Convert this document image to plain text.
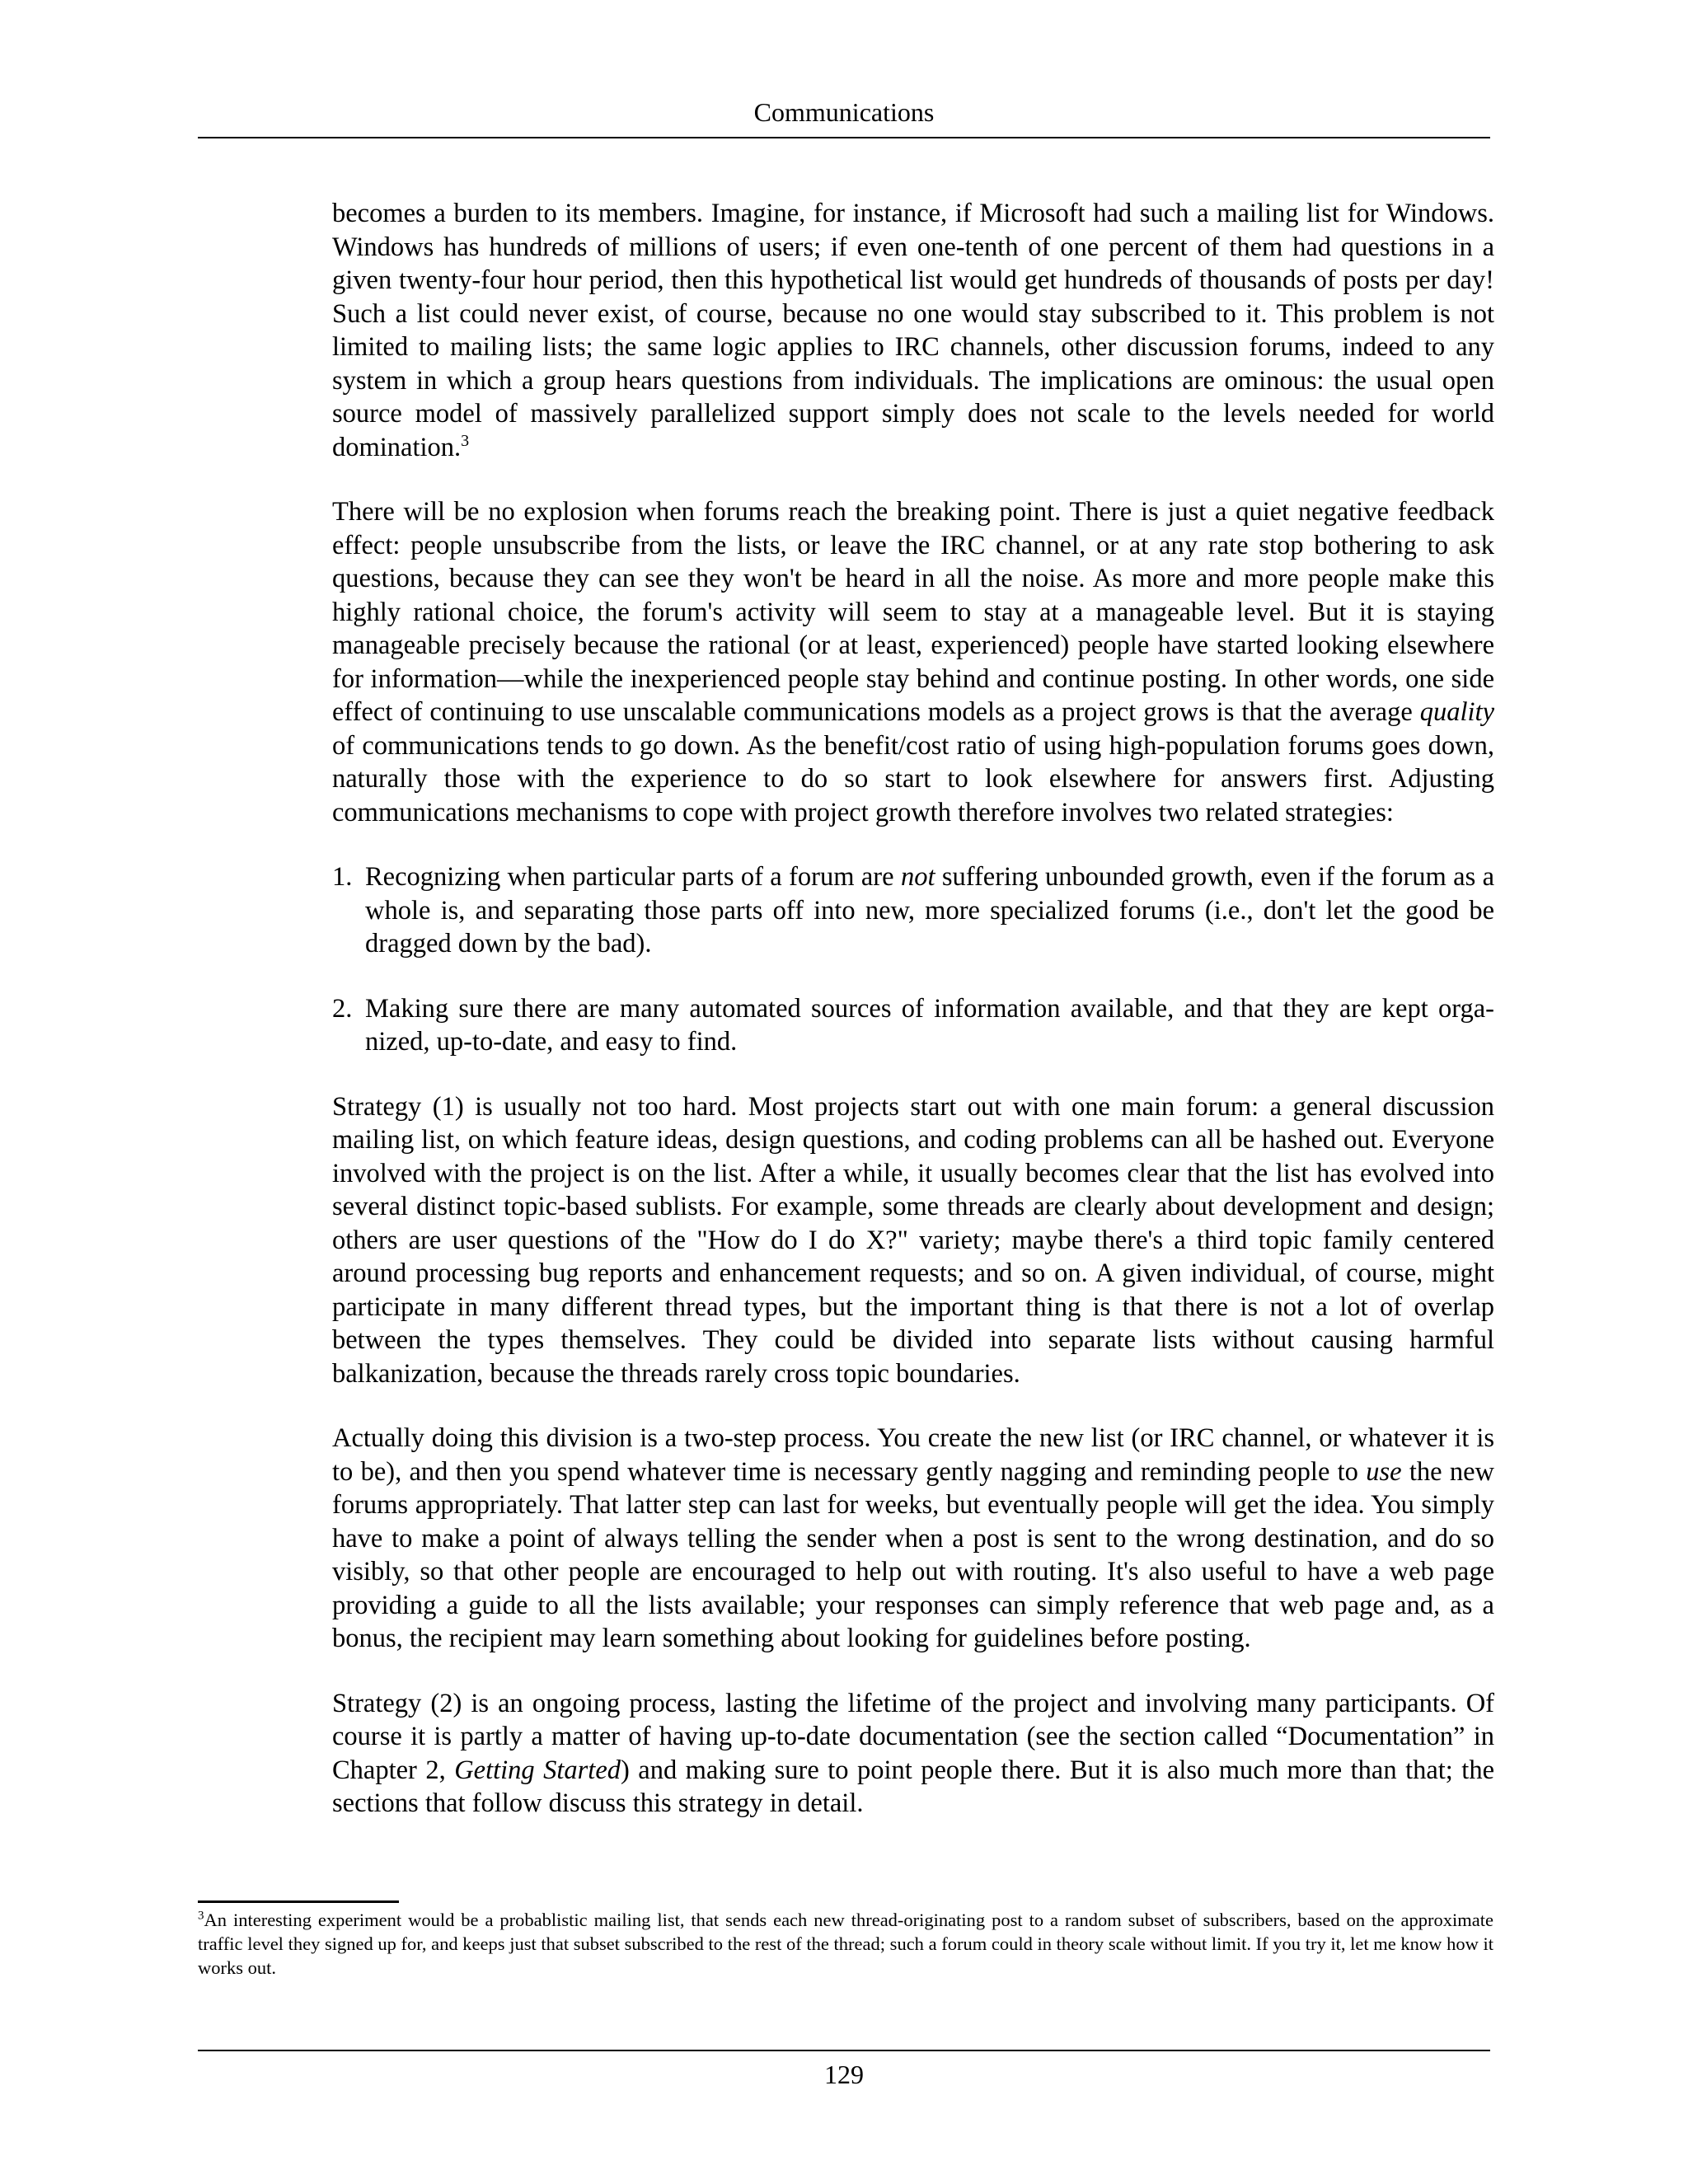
Communications

becomes a burden to its members. Imagine, for instance, if Microsoft had such a mailing list for Windows. Windows has hundreds of millions of users; if even one-tenth of one percent of them had questions in a given twenty-four hour period, then this hypothetical list would get hundreds of thousands of posts per day! Such a list could never exist, of course, because no one would stay subscribed to it. This problem is not limited to mailing lists; the same logic applies to IRC channels, other discussion forums, indeed to any system in which a group hears questions from individuals. The implications are ominous: the usual open source model of massively parallelized support simply does not scale to the levels needed for world domination.$^3$

There will be no explosion when forums reach the breaking point. There is just a quiet negative feedback effect: people unsubscribe from the lists, or leave the IRC channel, or at any rate stop bothering to ask questions, because they can see they won't be heard in all the noise. As more and more people make this highly rational choice, the forum's activity will seem to stay at a manageable level. But it is staying manageable precisely because the rational (or at least, experienced) people have started looking elsewhere for information—while the inexperienced people stay behind and continue posting. In other words, one side effect of continuing to use unscalable communications models as a project grows is that the average quality of communications tends to go down. As the benefit/cost ratio of using high-population forums goes down, naturally those with the experience to do so start to look elsewhere for answers first. Adjusting communications mechanisms to cope with project growth therefore involves two related strategies:

1. Recognizing when particular parts of a forum are not suffering unbounded growth, even if the forum as a whole is, and separating those parts off into new, more specialized forums (i.e., don't let the good be dragged down by the bad).
2. Making sure there are many automated sources of information available, and that they are kept organized, up-to-date, and easy to find.

Strategy (1) is usually not too hard. Most projects start out with one main forum: a general discussion mailing list, on which feature ideas, design questions, and coding problems can all be hashed out. Everyone involved with the project is on the list. After a while, it usually becomes clear that the list has evolved into several distinct topic-based sublists. For example, some threads are clearly about development and design; others are user questions of the "How do I do X?" variety; maybe there's a third topic family centered around processing bug reports and enhancement requests; and so on. A given individual, of course, might participate in many different thread types, but the important thing is that there is not a lot of overlap between the types themselves. They could be divided into separate lists without causing harmful balkanization, because the threads rarely cross topic boundaries.

Actually doing this division is a two-step process. You create the new list (or IRC channel, or whatever it is to be), and then you spend whatever time is necessary gently nagging and reminding people to use the new forums appropriately. That latter step can last for weeks, but eventually people will get the idea. You simply have to make a point of always telling the sender when a post is sent to the wrong destination, and do so visibly, so that other people are encouraged to help out with routing. It's also useful to have a web page providing a guide to all the lists available; your responses can simply reference that web page and, as a bonus, the recipient may learn something about looking for guidelines before posting.

Strategy (2) is an ongoing process, lasting the lifetime of the project and involving many participants. Of course it is partly a matter of having up-to-date documentation (see the section called “Documentation” in Chapter 2, Getting Started) and making sure to point people there. But it is also much more than that; the sections that follow discuss this strategy in detail.

$^3$An interesting experiment would be a probablistic mailing list, that sends each new thread-originating post to a random subset of subscribers, based on the approximate traffic level they signed up for, and keeps just that subset subscribed to the rest of the thread; such a forum could in theory scale without limit. If you try it, let me know how it works out.
129
